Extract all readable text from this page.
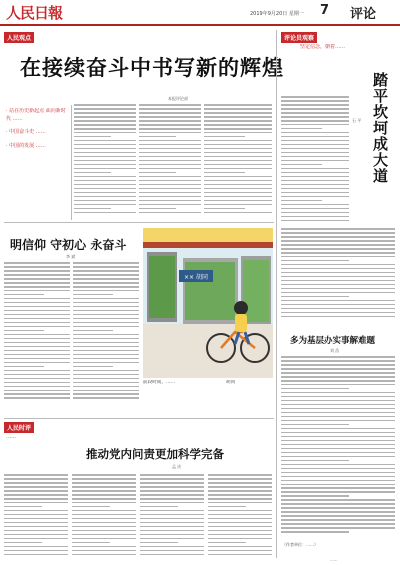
人民日報	2019年9月20日 星期一 7 评论
人民观点
在接续奋斗中书写新的辉煌
本报评论部
· 站在历史新起点 面向新时代 ……
· 中国奋斗史 ……
· 中国的发展 ……
评论员观察
坚定信念，朝着……
踏平坎坷成大道
石 平
明信仰 守初心 永奋斗
李 斌
×× 胡同
前段时间，……	胡同
多为基层办实事解难题
刘 浩
人民时评
……
推动党内问责更加科学完备
孟 庆
（作者单位：……）
……
